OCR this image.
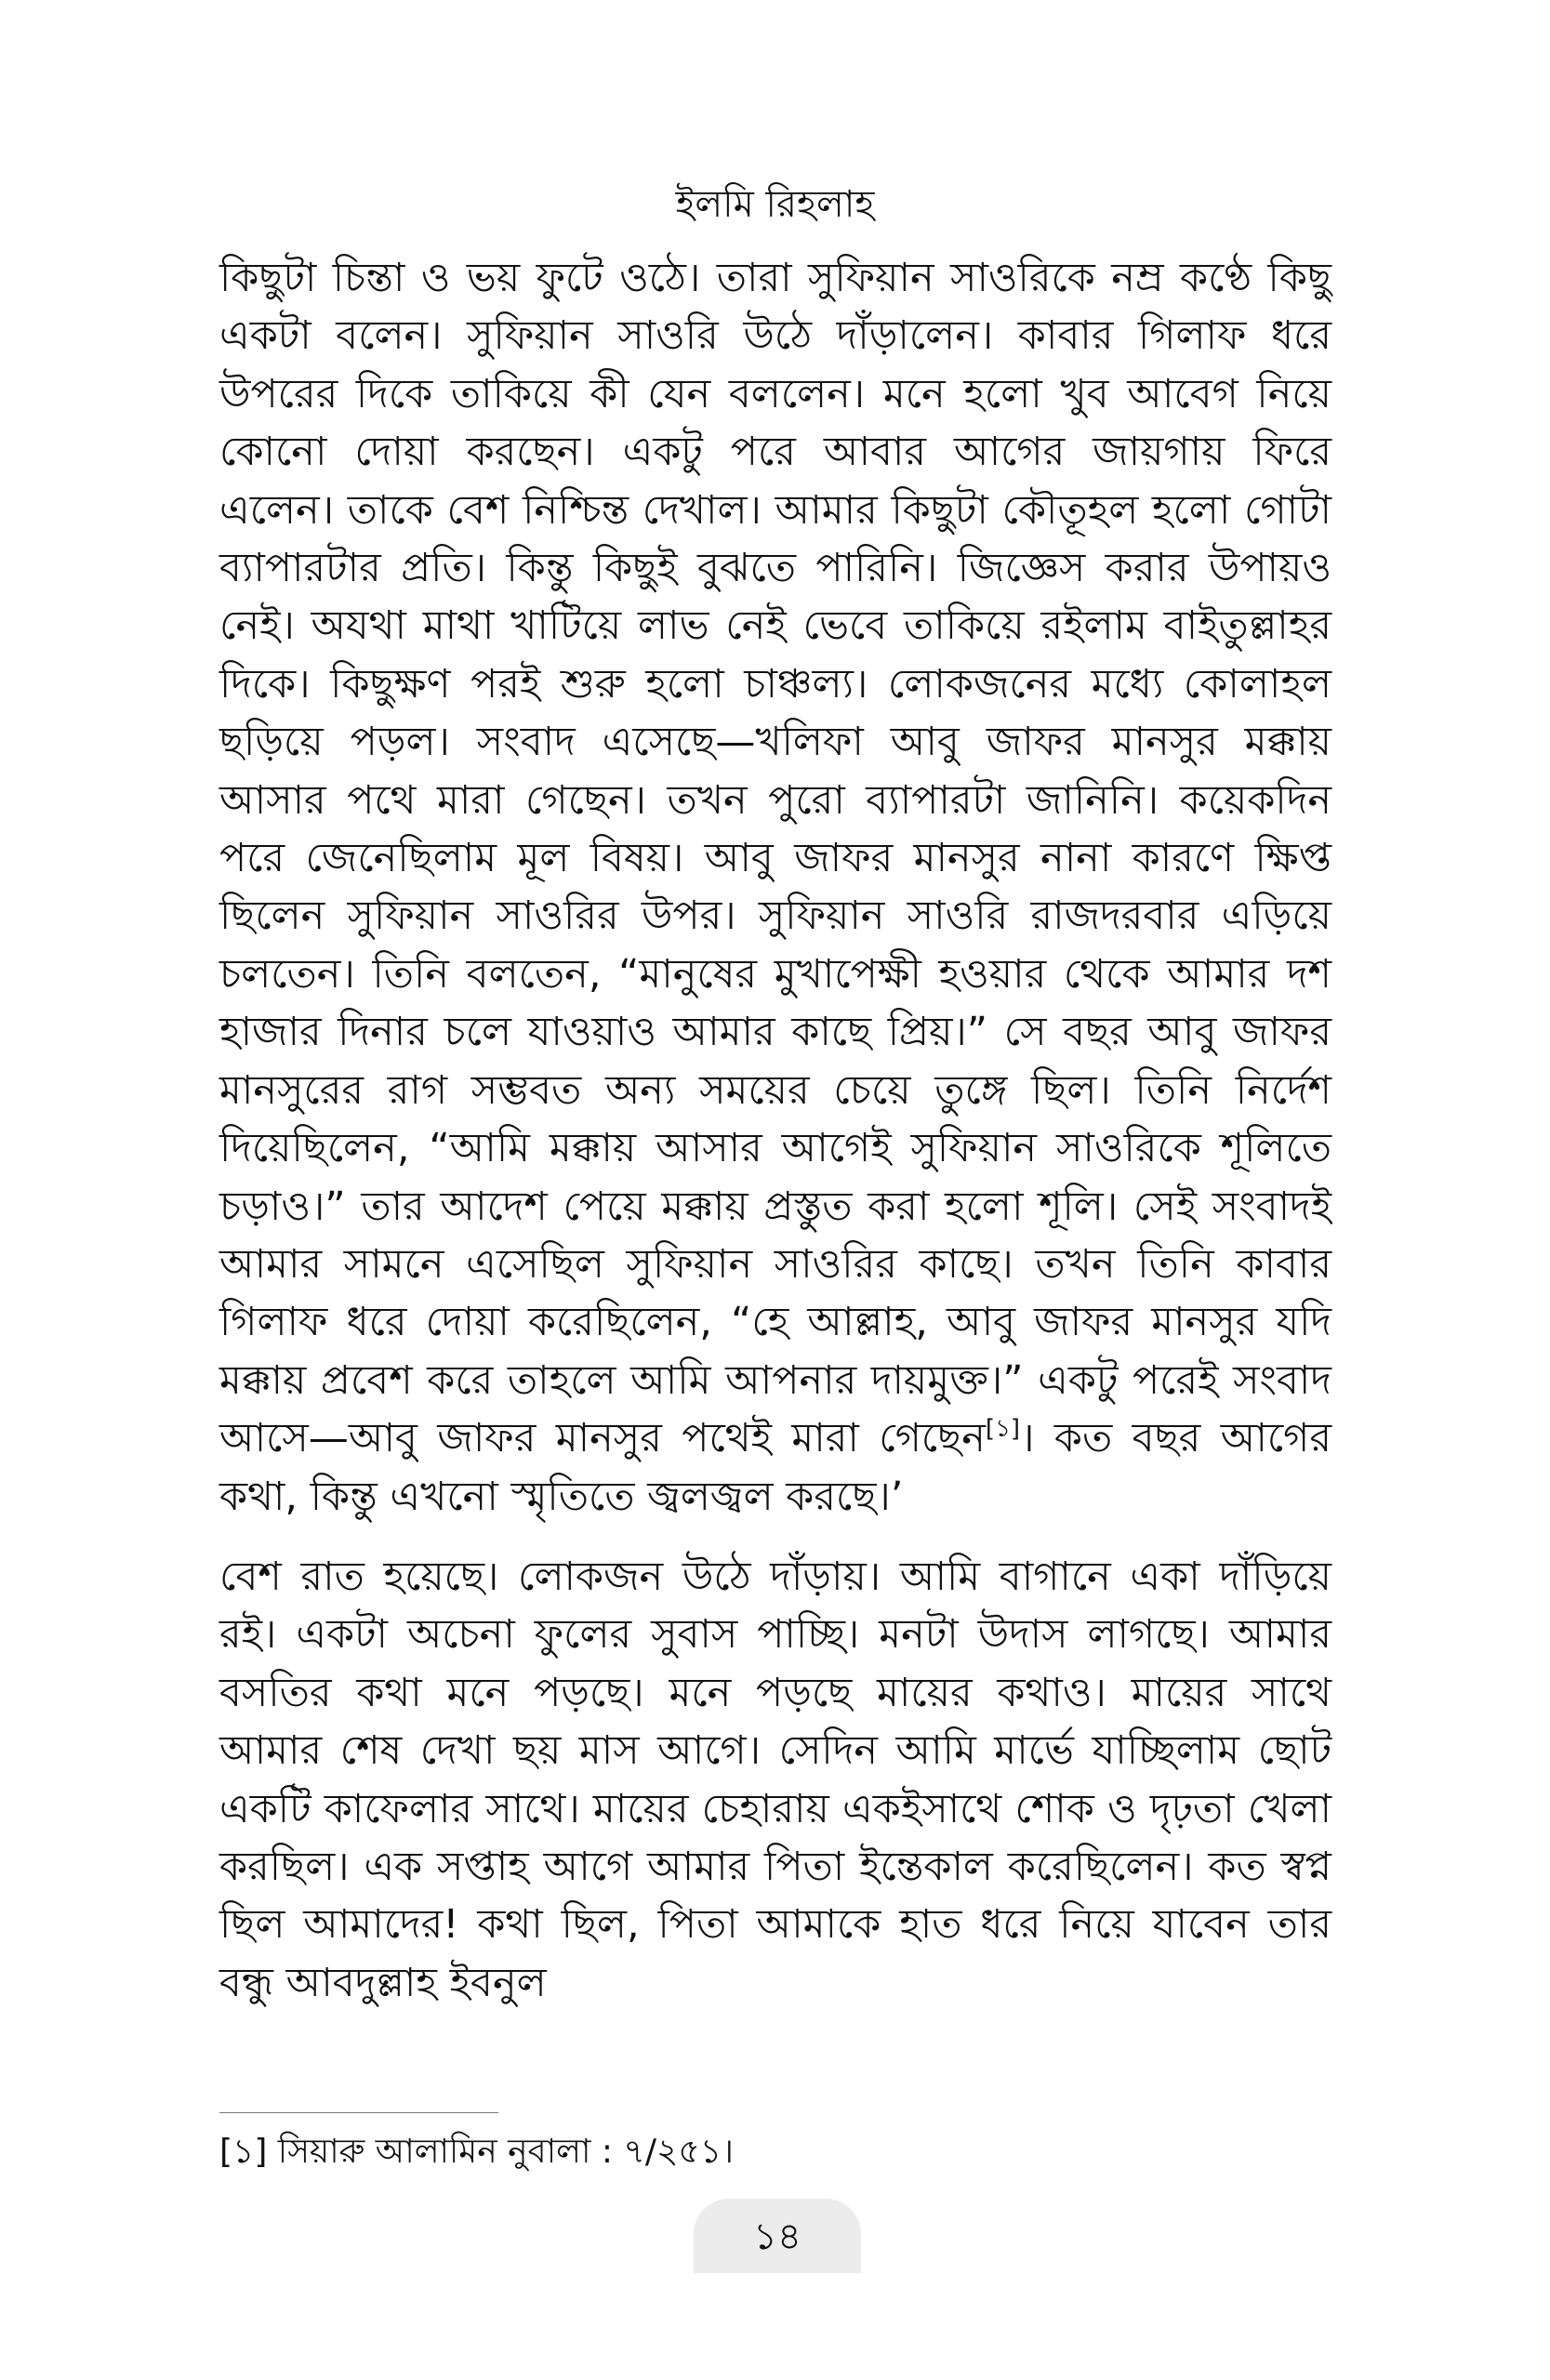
ইলমি রিহলাহ

কিছুটা চিন্তা ও ভয় ফুটে ওঠে। তারা সুফিয়ান সাওরিকে নম্র কণ্ঠে কিছু একটা বলেন। সুফিয়ান সাওরি উঠে দাঁড়ালেন। কাবার গিলাফ ধরে উপরের দিকে তাকিয়ে কী যেন বললেন। মনে হলো খুব আবেগ নিয়ে কোনো দোয়া করছেন। একটু পরে আবার আগের জায়গায় ফিরে এলেন। তাকে বেশ নিশ্চিন্ত দেখাল। আমার কিছুটা কৌতূহল হলো গোটা ব্যাপারটার প্রতি। কিন্তু কিছুই বুঝতে পারিনি। জিজ্ঞেস করার উপায়ও নেই। অযথা মাথা খাটিয়ে লাভ নেই ভেবে তাকিয়ে রইলাম বাইতুল্লাহর দিকে। কিছুক্ষণ পরই শুরু হলো চাঞ্চল্য। লোকজনের মধ্যে কোলাহল ছড়িয়ে পড়ল। সংবাদ এসেছে—খলিফা আবু জাফর মানসুর মক্কায় আসার পথে মারা গেছেন। তখন পুরো ব্যাপারটা জানিনি। কয়েকদিন পরে জেনেছিলাম মূল বিষয়। আবু জাফর মানসুর নানা কারণে ক্ষিপ্ত ছিলেন সুফিয়ান সাওরির উপর। সুফিয়ান সাওরি রাজদরবার এড়িয়ে চলতেন। তিনি বলতেন, “মানুষের মুখাপেক্ষী হওয়ার থেকে আমার দশ হাজার দিনার চলে যাওয়াও আমার কাছে প্রিয়।” সে বছর আবু জাফর মানসুরের রাগ সম্ভবত অন্য সময়ের চেয়ে তুঙ্গে ছিল। তিনি নির্দেশ দিয়েছিলেন, “আমি মক্কায় আসার আগেই সুফিয়ান সাওরিকে শূলিতে চড়াও।” তার আদেশ পেয়ে মক্কায় প্রস্তুত করা হলো শূলি। সেই সংবাদই আমার সামনে এসেছিল সুফিয়ান সাওরির কাছে। তখন তিনি কাবার গিলাফ ধরে দোয়া করেছিলেন, “হে আল্লাহ, আবু জাফর মানসুর যদি মক্কায় প্রবেশ করে তাহলে আমি আপনার দায়মুক্ত।” একটু পরেই সংবাদ আসে—আবু জাফর মানসুর পথেই মারা গেছেন[১]। কত বছর আগের কথা, কিন্তু এখনো স্মৃতিতে জ্বলজ্বল করছে।’

বেশ রাত হয়েছে। লোকজন উঠে দাঁড়ায়। আমি বাগানে একা দাঁড়িয়ে রই। একটা অচেনা ফুলের সুবাস পাচ্ছি। মনটা উদাস লাগছে। আমার বসতির কথা মনে পড়ছে। মনে পড়ছে মায়ের কথাও। মায়ের সাথে আমার শেষ দেখা ছয় মাস আগে। সেদিন আমি মার্ভে যাচ্ছিলাম ছোট একটি কাফেলার সাথে। মায়ের চেহারায় একইসাথে শোক ও দৃঢ়তা খেলা করছিল। এক সপ্তাহ আগে আমার পিতা ইন্তেকাল করেছিলেন। কত স্বপ্ন ছিল আমাদের! কথা ছিল, পিতা আমাকে হাত ধরে নিয়ে যাবেন তার বন্ধু আবদুল্লাহ ইবনুল

[১] সিয়ারু আলামিন নুবালা : ৭/২৫১।
১৪
